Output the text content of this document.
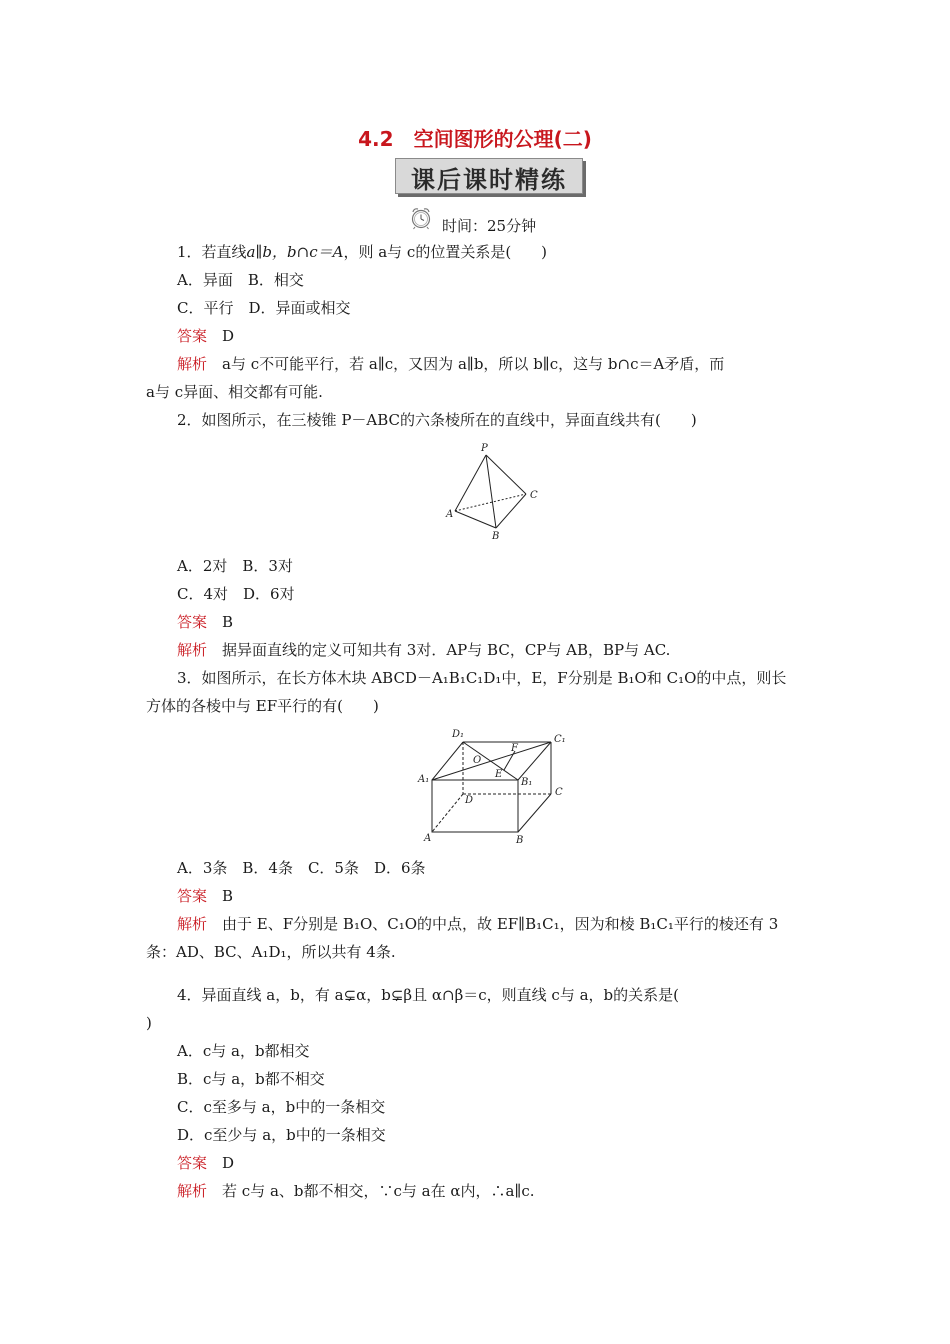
4.2　空间图形的公理(二)
课后课时精练
时间：25分钟
1．若直线a∥b，b∩c＝A，则 a与 c的位置关系是(　　)
A．异面　B．相交
C．平行　D．异面或相交
答案　 D
解析　 a与 c不可能平行，若 a∥c，又因为 a∥b，所以 b∥c，这与 b∩c＝A矛盾，而
a与 c异面、相交都有可能.
2．如图所示，在三棱锥 P－ABC的六条棱所在的直线中，异面直线共有(　　)
P
A
B
C
A．2对　B．3对
C．4对　D．6对
答案　 B
解析　 据异面直线的定义可知共有 3对．AP与 BC，CP与 AB，BP与 AC.
3．如图所示，在长方体木块 ABCD－A₁B₁C₁D₁中，E，F分别是 B₁O和 C₁O的中点，则长
方体的各棱中与 EF平行的有(　　)
D₁	C₁
A₁	B₁
A	B
C
D
O
E
F
A．3条　B．4条　C．5条　D．6条
答案　 B
解析　 由于 E、F分别是 B₁O、C₁O的中点，故 EF∥B₁C₁，因为和棱 B₁C₁平行的棱还有 3
条：AD、BC、A₁D₁，所以共有 4条.
4．异面直线 a，b，有 a⊊α，b⊊β且 α∩β＝c，则直线 c与 a，b的关系是(
)
A．c与 a，b都相交
B．c与 a，b都不相交
C．c至多与 a，b中的一条相交
D．c至少与 a，b中的一条相交
答案　 D
解析　 若 c与 a、b都不相交，∵c与 a在 α内，∴a∥c.
